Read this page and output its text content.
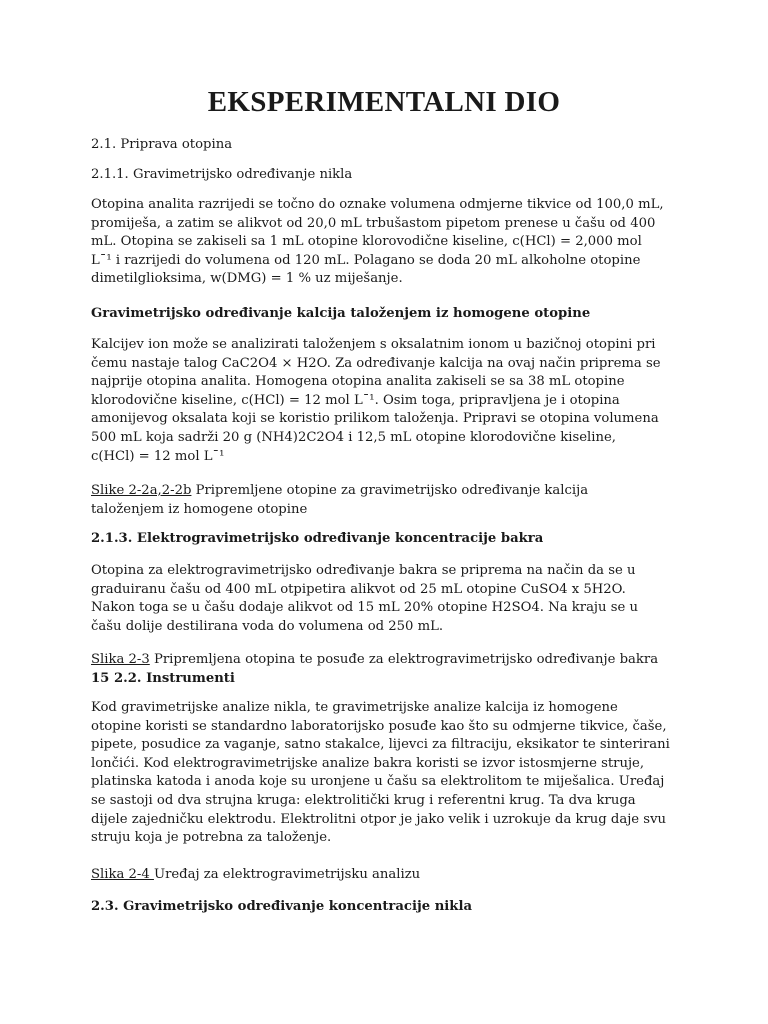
EKSPERIMENTALNI DIO

2.1. Priprava otopina

2.1.1. Gravimetrijsko određivanje nikla

Otopina analita razrijedi se točno do oznake volumena odmjerne tikvice od 100,0 mL,
promiješa, a zatim se alikvot od 20,0 mL trbušastom pipetom prenese u čašu od 400
mL. Otopina se zakiseli sa 1 mL otopine klorovodične kiseline, c(HCl) = 2,000 mol
L¯¹ i razrijedi do volumena od 120 mL. Polagano se doda 20 mL alkoholne otopine
dimetilglioksima, w(DMG) = 1 % uz miješanje.

Gravimetrijsko određivanje kalcija taloženjem iz homogene otopine

Kalcijev ion može se analizirati taloženjem s oksalatnim ionom u bazičnoj otopini pri
čemu nastaje talog CaC2O4 × H2O. Za određivanje kalcija na ovaj način priprema se
najprije otopina analita. Homogena otopina analita zakiseli se sa 38 mL otopine
klorodovične kiseline, c(HCl) = 12 mol L¯¹. Osim toga, pripravljena je i otopina
amonijevog oksalata koji se koristio prilikom taloženja. Pripravi se otopina volumena
500 mL koja sadrži 20 g (NH4)2C2O4 i 12,5 mL otopine klorodovične kiseline,
c(HCl) = 12 mol L¯¹

Slike 2-2a,2-2b Pripremljene otopine za gravimetrijsko određivanje kalcija
taloženjem iz homogene otopine

2.1.3. Elektrogravimetrijsko određivanje koncentracije bakra

Otopina za elektrogravimetrijsko određivanje bakra se priprema na način da se u
graduiranu čašu od 400 mL otpipetira alikvot od 25 mL otopine CuSO4 x 5H2O.
Nakon toga se u čašu dodaje alikvot od 15 mL 20% otopine H2SO4. Na kraju se u
čašu dolije destilirana voda do volumena od 250 mL.

Slika 2-3 Pripremljena otopina te posuđe za elektrogravimetrijsko određivanje bakra
15 2.2. Instrumenti

Kod gravimetrijske analize nikla, te gravimetrijske analize kalcija iz homogene
otopine koristi se standardno laboratorijsko posuđe kao što su odmjerne tikvice, čaše,
pipete, posudice za vaganje, satno stakalce, lijevci za filtraciju, eksikator te sinterirani
lončići. Kod elektrogravimetrijske analize bakra koristi se izvor istosmjerne struje,
platinska katoda i anoda koje su uronjene u čašu sa elektrolitom te miješalica. Uređaj
se sastoji od dva strujna kruga: elektrolitički krug i referentni krug. Ta dva kruga
dijele zajedničku elektrodu. Elektrolitni otpor je jako velik i uzrokuje da krug daje svu
struju koja je potrebna za taloženje.

Slika 2-4 Uređaj za elektrogravimetrijsku analizu

2.3. Gravimetrijsko određivanje koncentracije nikla
